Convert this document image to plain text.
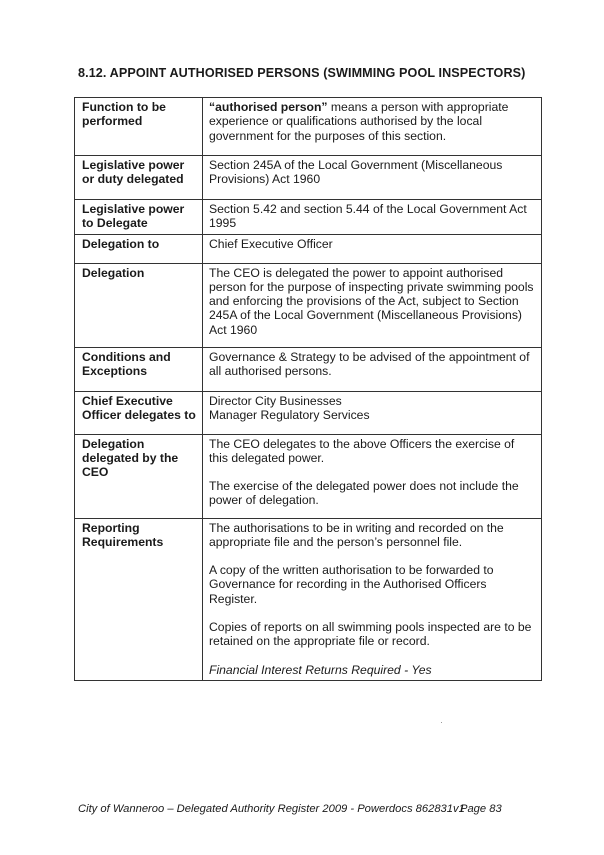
8.12. APPOINT AUTHORISED PERSONS (SWIMMING POOL INSPECTORS)
Function to be performed	“authorised person” means a person with appropriate experience or qualifications authorised by the local government for the purposes of this section.

Legislative power or duty delegated	Section 245A of the Local Government (Miscellaneous Provisions) Act 1960

Legislative power to Delegate	Section 5.42 and section 5.44 of the Local Government Act 1995

Delegation to	Chief Executive Officer

Delegation	The CEO is delegated the power to appoint authorised person for the purpose of inspecting private swimming pools and enforcing the provisions of the Act, subject to Section 245A of the Local Government (Miscellaneous Provisions) Act 1960

Conditions and Exceptions	Governance & Strategy to be advised of the appointment of all authorised persons.

Chief Executive Officer delegates to	Director City Businesses
Manager Regulatory Services

Delegation delegated by the CEO	The CEO delegates to the above Officers the exercise of this delegated power.

The exercise of the delegated power does not include the power of delegation.

Reporting Requirements	The authorisations to be in writing and recorded on the appropriate file and the person’s personnel file.

A copy of the written authorisation to be forwarded to Governance for recording in the Authorised Officers Register.

Copies of reports on all swimming pools inspected are to be retained on the appropriate file or record.

Financial Interest Returns Required - Yes

City of Wanneroo – Delegated Authority Register 2009 - Powerdocs 862831v1
Page 83
